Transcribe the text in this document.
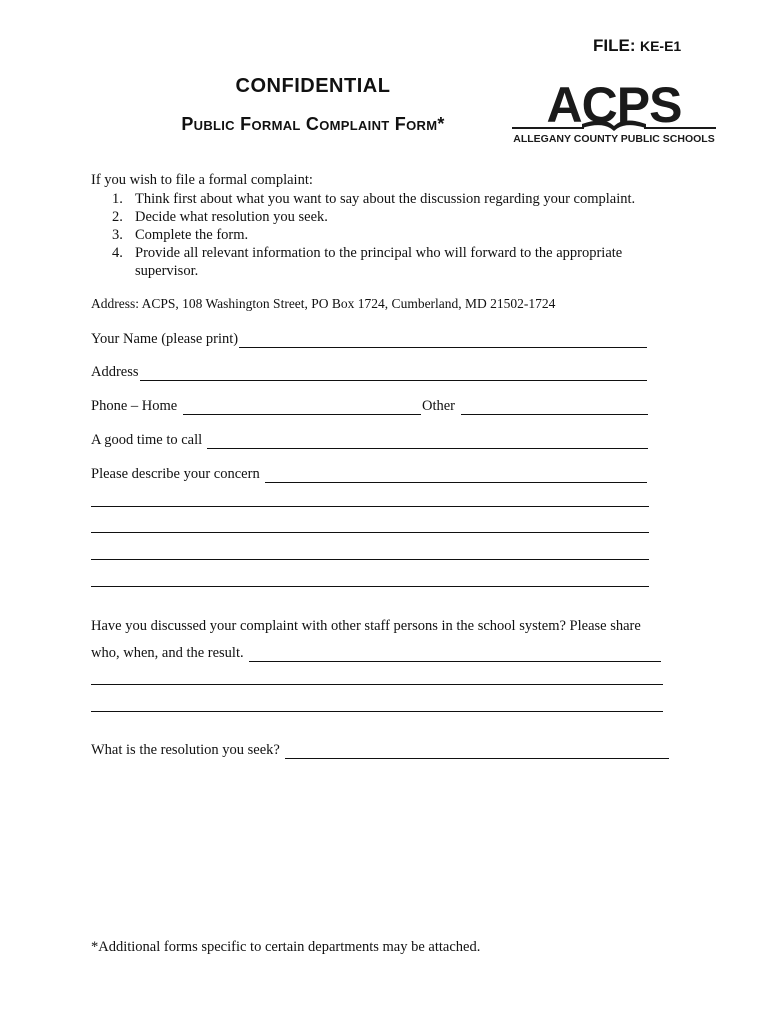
FILE: KE-E1
CONFIDENTIAL
Public Formal Complaint Form*	ACPS
ALLEGANY COUNTY PUBLIC SCHOOLS
If you wish to file a formal complaint:
1. Think first about what you want to say about the discussion regarding your complaint.
2. Decide what resolution you seek.
3. Complete the form.
4. Provide all relevant information to the principal who will forward to the appropriate supervisor.
Address: ACPS, 108 Washington Street, PO Box 1724, Cumberland, MD 21502-1724
Your Name (please print)
Address
Phone – Home	Other
A good time to call
Please describe your concern
Have you discussed your complaint with other staff persons in the school system? Please share
who, when, and the result.
What is the resolution you seek?
*Additional forms specific to certain departments may be attached.
